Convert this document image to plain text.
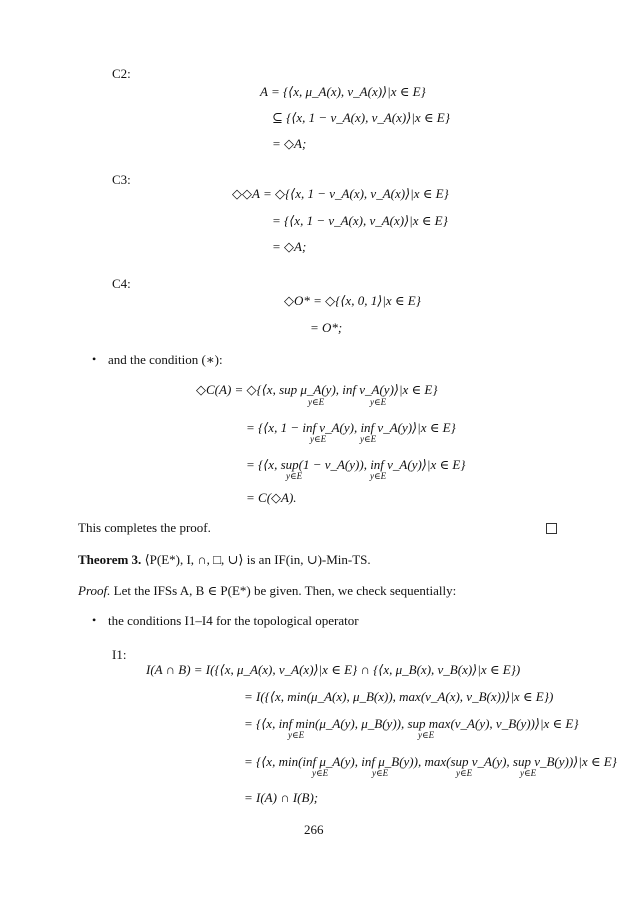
C2:
A = {⟨x, μ_A(x), ν_A(x)⟩|x ∈ E}
⊆ {⟨x, 1 − ν_A(x), ν_A(x)⟩|x ∈ E}
= ◇A;
C3:
◇◇A = ◇{⟨x, 1 − ν_A(x), ν_A(x)⟩|x ∈ E}
= {⟨x, 1 − ν_A(x), ν_A(x)⟩|x ∈ E}
= ◇A;
C4:
◇O* = ◇{⟨x, 0, 1⟩|x ∈ E}
= O*;
• and the condition (∗):
◇C(A) = ◇{⟨x, sup μ_A(y), inf ν_A(y)⟩|x ∈ E}
y∈E	y∈E
= {⟨x, 1 − inf ν_A(y), inf ν_A(y)⟩|x ∈ E}
y∈E	y∈E
= {⟨x, sup(1 − ν_A(y)), inf ν_A(y)⟩|x ∈ E}
y∈E	y∈E
= C(◇A).
This completes the proof.
Theorem 3. ⟨P(E*), I, ∩, □, ∪⟩ is an IF(in, ∪)-Min-TS.
Proof. Let the IFSs A, B ∈ P(E*) be given. Then, we check sequentially:
• the conditions I1–I4 for the topological operator
I1:
I(A ∩ B) = I({⟨x, μ_A(x), ν_A(x)⟩|x ∈ E} ∩ {⟨x, μ_B(x), ν_B(x)⟩|x ∈ E})
= I({⟨x, min(μ_A(x), μ_B(x)), max(ν_A(x), ν_B(x))⟩|x ∈ E})
= {⟨x, inf min(μ_A(y), μ_B(y)), sup max(ν_A(y), ν_B(y))⟩|x ∈ E}
y∈E	y∈E
= {⟨x, min(inf μ_A(y), inf μ_B(y)), max(sup ν_A(y), sup ν_B(y))⟩|x ∈ E}
y∈E	y∈E	y∈E	y∈E
= I(A) ∩ I(B);
266
